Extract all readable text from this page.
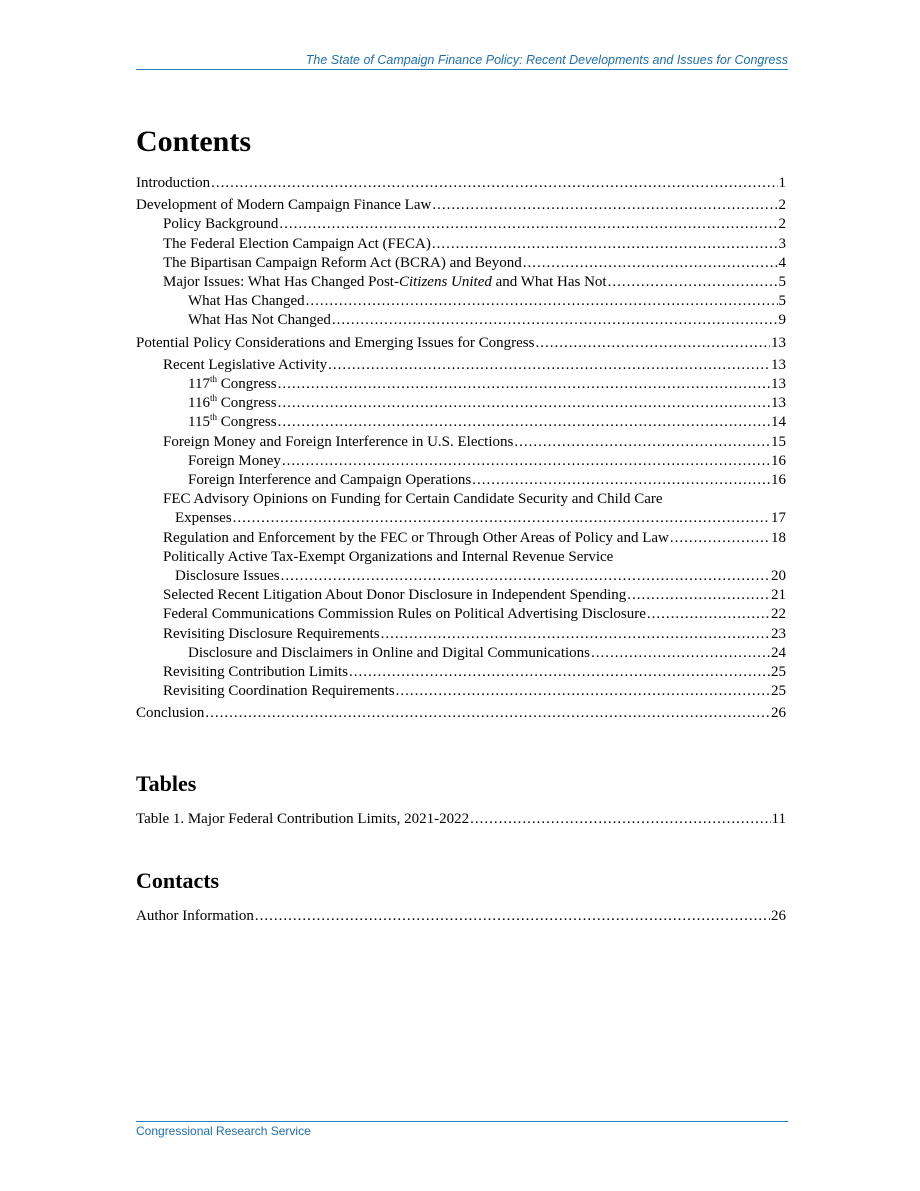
The State of Campaign Finance Policy: Recent Developments and Issues for Congress
Contents
Introduction .....	1
Development of Modern Campaign Finance Law .....	2
Policy Background .....	2
The Federal Election Campaign Act (FECA) .....	3
The Bipartisan Campaign Reform Act (BCRA) and Beyond .....	4
Major Issues: What Has Changed Post-Citizens United and What Has Not .....	5
What Has Changed .....	5
What Has Not Changed .....	9
Potential Policy Considerations and Emerging Issues for Congress .....	13
Recent Legislative Activity .....	13
117th Congress .....	13
116th Congress .....	13
115th Congress .....	14
Foreign Money and Foreign Interference in U.S. Elections .....	15
Foreign Money .....	16
Foreign Interference and Campaign Operations .....	16
FEC Advisory Opinions on Funding for Certain Candidate Security and Child Care
Expenses .....	17
Regulation and Enforcement by the FEC or Through Other Areas of Policy and Law .....	18
Politically Active Tax-Exempt Organizations and Internal Revenue Service
Disclosure Issues .....	20
Selected Recent Litigation About Donor Disclosure in Independent Spending .....	21
Federal Communications Commission Rules on Political Advertising Disclosure .....	22
Revisiting Disclosure Requirements .....	23
Disclosure and Disclaimers in Online and Digital Communications .....	24
Revisiting Contribution Limits .....	25
Revisiting Coordination Requirements .....	25
Conclusion .....	26
Tables
Table 1. Major Federal Contribution Limits, 2021-2022 .....	11
Contacts
Author Information .....	26
Congressional Research Service
